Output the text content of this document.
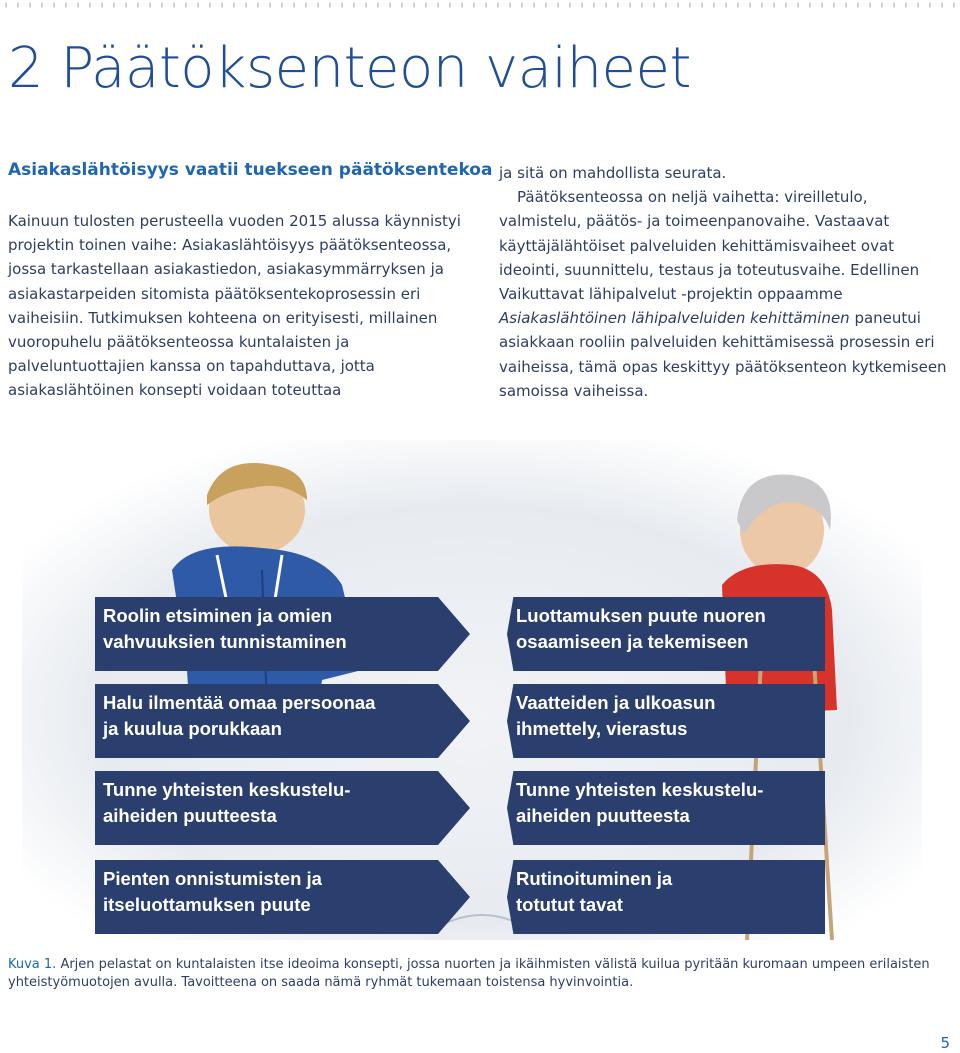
2 Päätöksenteon vaiheet
Asiakaslähtöisyys vaatii tuekseen päätöksentekoa

Kainuun tulosten perusteella vuoden 2015 alussa käynnistyi projektin toinen vaihe: Asiakaslähtöisyys päätöksenteossa, jossa tarkastellaan asiakastiedon, asiakasymmärryksen ja asiakastarpeiden sitomista päätöksentekoprosessin eri vaiheisiin. Tutkimuksen kohteena on erityisesti, millainen vuoropuhelu päätöksenteossa kuntalaisten ja palveluntuottajien kanssa on tapahduttava, jotta asiakaslähtöinen konsepti voidaan toteuttaa

ja sitä on mahdollista seurata.

Päätöksenteossa on neljä vaihetta: vireilletulo, valmistelu, päätös- ja toimeenpanovaihe. Vastaavat käyttäjälähtöiset palveluiden kehittämisvaiheet ovat ideointi, suunnittelu, testaus ja toteutusvaihe. Edellinen Vaikuttavat lähipalvelut -projektin oppaamme Asiakaslähtöinen lähipalveluiden kehittäminen paneutui asiakkaan rooliin palveluiden kehittämisessä prosessin eri vaiheissa, tämä opas keskittyy päätöksenteon kytkemiseen samoissa vaiheissa.

Roolin etsiminen ja omien
vahvuuksien tunnistaminen
Halu ilmentää omaa persoonaa
ja kuulua porukkaan
Tunne yhteisten keskustelu-
aiheiden puutteesta
Pienten onnistumisten ja
itseluottamuksen puute
Luottamuksen puute nuoren
osaamiseen ja tekemiseen
Vaatteiden ja ulkoasun
ihmettely, vierastus
Tunne yhteisten keskustelu-
aiheiden puutteesta
Rutinoituminen ja
totutut tavat

Kuva 1. Arjen pelastat on kuntalaisten itse ideoima konsepti, jossa nuorten ja ikäihmisten välistä kuilua pyritään kuromaan umpeen erilaisten yhteistyömuotojen avulla. Tavoitteena on saada nämä ryhmät tukemaan toistensa hyvinvointia.

5
